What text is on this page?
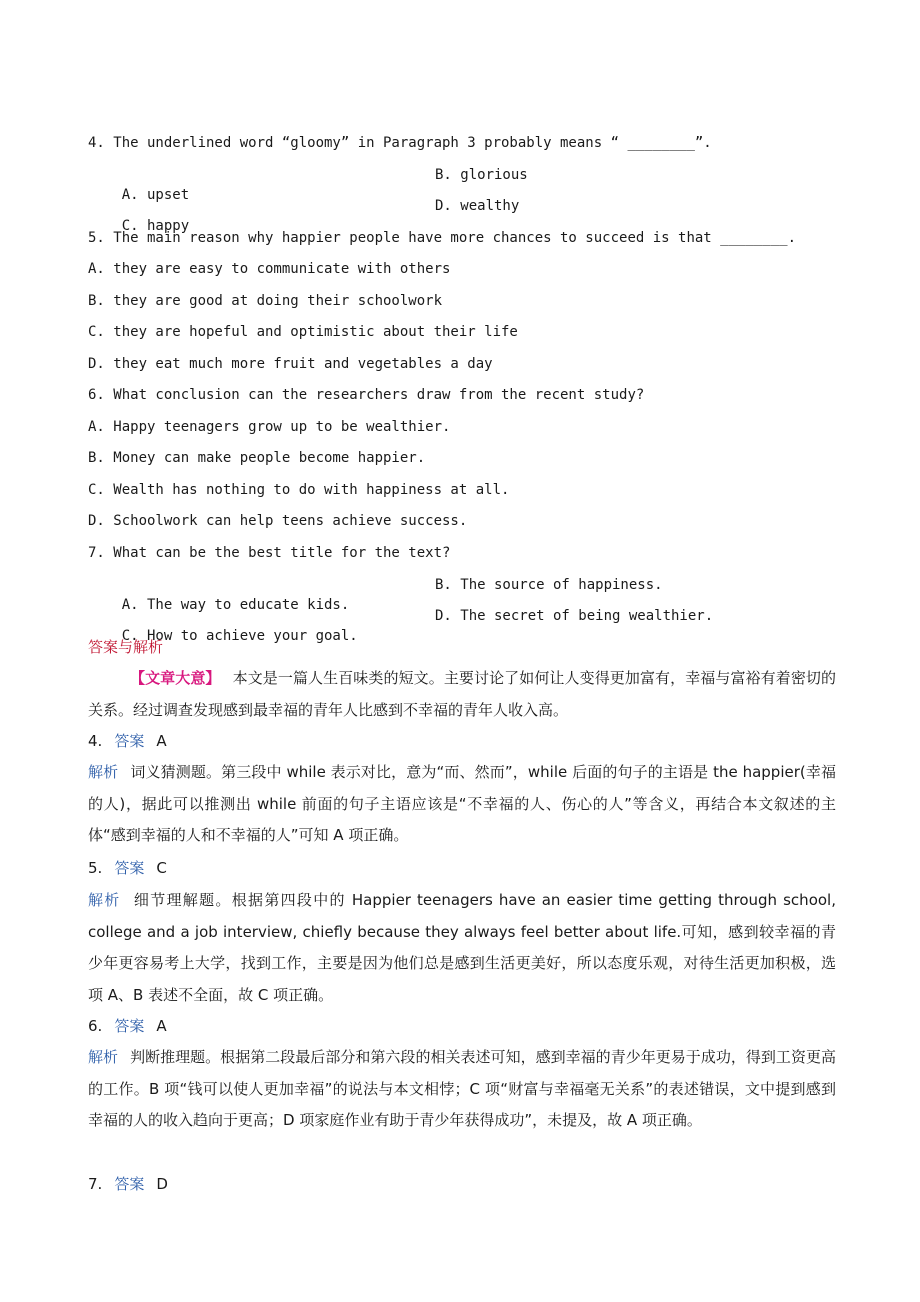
4. The underlined word “gloomy” in Paragraph 3 probably means “ ________”.

A. upset

B. glorious

C. happy

D. wealthy

5. The main reason why happier people have more chances to succeed is that ________.
A. they are easy to communicate with others
B. they are good at doing their schoolwork
C. they are hopeful and optimistic about their life
D. they eat much more fruit and vegetables a day
6. What conclusion can the researchers draw from the recent study?
A. Happy teenagers grow up to be wealthier.
B. Money can make people become happier.
C. Wealth has nothing to do with happiness at all.
D. Schoolwork can help teens achieve success.
7. What can be the best title for the text?

A. The way to educate kids.

B. The source of happiness.

C. How to achieve your goal.

D. The secret of being wealthier.

答案与解析
【文章大意】 本文是一篇人生百味类的短文。主要讨论了如何让人变得更加富有，幸福与富裕有着密切的关系。经过调查发现感到最幸福的青年人比感到不幸福的青年人收入高。
4. 答案 A
解析 词义猜测题。第三段中 while 表示对比，意为“而、然而”，while 后面的句子的主语是 the happier(幸福的人)，据此可以推测出 while 前面的句子主语应该是“不幸福的人、伤心的人”等含义，再结合本文叙述的主体“感到幸福的人和不幸福的人”可知 A 项正确。
5. 答案 C
解析 细节理解题。根据第四段中的 Happier teenagers have an easier time getting through school, college and a job interview, chiefly because they always feel better about life.可知，感到较幸福的青少年更容易考上大学，找到工作，主要是因为他们总是感到生活更美好，所以态度乐观，对待生活更加积极，选项 A、B 表述不全面，故 C 项正确。
6. 答案 A
解析 判断推理题。根据第二段最后部分和第六段的相关表述可知，感到幸福的青少年更易于成功，得到工资更高的工作。B 项“钱可以使人更加幸福”的说法与本文相悖；C 项“财富与幸福毫无关系”的表述错误，文中提到感到幸福的人的收入趋向于更高；D 项家庭作业有助于青少年获得成功”，未提及，故 A 项正确。
7. 答案 D
